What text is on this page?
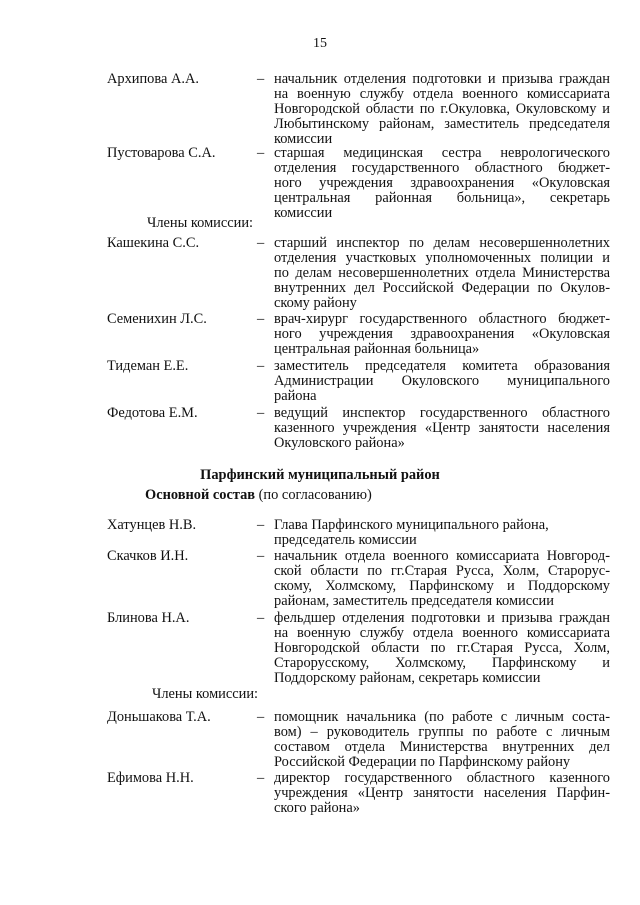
15
Архипова А.А.	– начальник отделения подготовки и призыва граждан
на военную службу отдела военного комиссариата
Новгородской области по г.Окуловка, Окуловскому и
Любытинскому районам, заместитель председателя
комиссии
Пустоварова С.А.	– старшая медицинская сестра неврологического
отделения государственного областного бюджет-
ного учреждения здравоохранения «Окуловская
центральная районная больница», секретарь
комиссии
Члены комиссии:
Кашекина С.С.	– старший инспектор по делам несовершеннолетних
отделения участковых уполномоченных полиции и
по делам несовершеннолетних отдела Министерства
внутренних дел Российской Федерации по Окулов-
скому району
Семенихин Л.С.	– врач-хирург государственного областного бюджет-
ного учреждения здравоохранения «Окуловская
центральная районная больница»
Тидеман Е.Е.	– заместитель председателя комитета образования
Администрации Окуловского муниципального
района
Федотова Е.М.	– ведущий инспектор государственного областного
казенного учреждения «Центр занятости населения
Окуловского района»
Парфинский муниципальный район
Основной состав (по согласованию)
Хатунцев Н.В.	– Глава Парфинского муниципального района,
председатель комиссии
Скачков И.Н.	– начальник отдела военного комиссариата Новгород-
ской области по гг.Старая Русса, Холм, Старорус-
скому, Холмскому, Парфинскому и Поддорскому
районам, заместитель председателя комиссии
Блинова Н.А.	– фельдшер отделения подготовки и призыва граждан
на военную службу отдела военного комиссариата
Новгородской области по гг.Старая Русса, Холм,
Старорусскому, Холмскому, Парфинскому и
Поддорскому районам, секретарь комиссии
Члены комиссии:
Доньшакова Т.А.	– помощник начальника (по работе с личным соста-
вом) – руководитель группы по работе с личным
составом отдела Министерства внутренних дел
Российской Федерации по Парфинскому району
Ефимова Н.Н.	– директор государственного областного казенного
учреждения «Центр занятости населения Парфин-
ского района»
